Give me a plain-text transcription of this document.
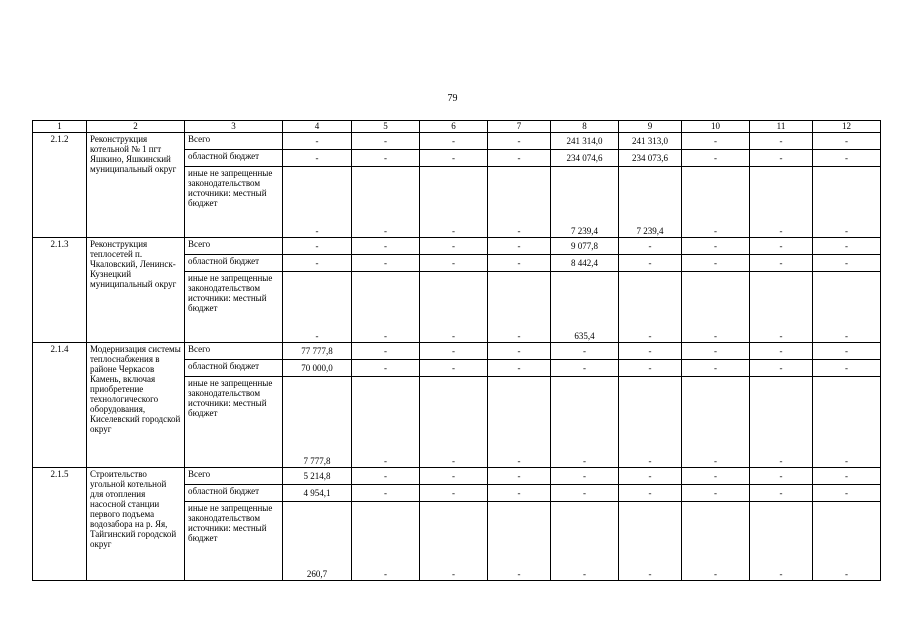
79
1	2	3	4	5	6	7	8	9	10	11	12
2.1.2	Реконструкция котельной № 1 пгт Яшкино, Яшкинский муниципальный округ	Всего	-	-	-	-	241 314,0	241 313,0	-	-	-
		областной бюджет	-	-	-	-	234 074,6	234 073,6	-	-	-
		иные не запрещенные законодательством источники: местный бюджет	-	-	-	-	7 239,4	7 239,4	-	-	-
2.1.3	Реконструкция теплосетей п. Чкаловский, Ленинск-Кузнецкий муниципальный округ	Всего	-	-	-	-	9 077,8	-	-	-	-
		областной бюджет	-	-	-	-	8 442,4	-	-	-	-
		иные не запрещенные законодательством источники: местный бюджет	-	-	-	-	635,4	-	-	-	-
2.1.4	Модернизация системы теплоснабжения в районе Черкасов Камень, включая приобретение технологического оборудования, Киселевский городской округ	Всего	77 777,8	-	-	-	-	-	-	-	-
		областной бюджет	70 000,0	-	-	-	-	-	-	-	-
		иные не запрещенные законодательством источники: местный бюджет	7 777,8	-	-	-	-	-	-	-	-
2.1.5	Строительство угольной котельной для отопления насосной станции первого подъема водозабора на р. Яя, Тайгинский городской округ	Всего	5 214,8	-	-	-	-	-	-	-	-
		областной бюджет	4 954,1	-	-	-	-	-	-	-	-
		иные не запрещенные законодательством источники: местный бюджет	260,7	-	-	-	-	-	-	-	-
